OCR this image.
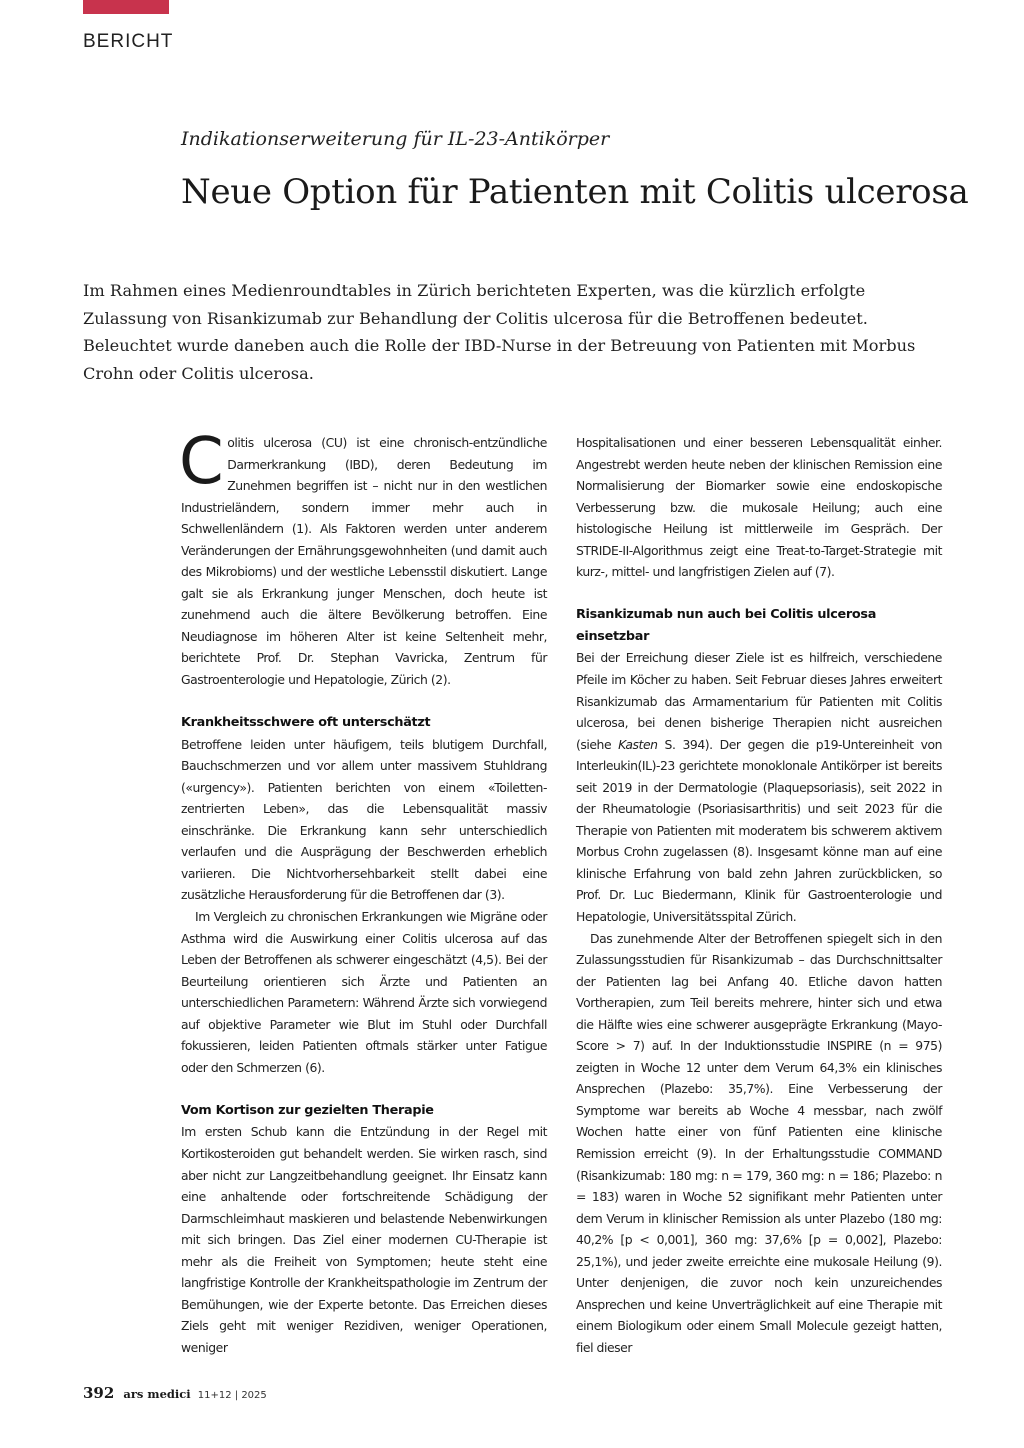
BERICHT
Indikationserweiterung für IL-23-Antikörper
Neue Option für Patienten mit Colitis ulcerosa

Im Rahmen eines Medienroundtables in Zürich berichteten Experten, was die kürzlich erfolgte Zulassung von Risankizumab zur Behandlung der Colitis ulcerosa für die Betroffenen bedeutet. Beleuchtet wurde daneben auch die Rolle der IBD-Nurse in der Betreuung von Patienten mit Morbus Crohn oder Colitis ulcerosa.

Colitis ulcerosa (CU) ist eine chronisch-entzündliche Darmerkrankung (IBD), deren Bedeutung im Zunehmen begriffen ist – nicht nur in den westlichen Industrieländern, sondern immer mehr auch in Schwellenländern (1). Als Faktoren werden unter anderem Veränderungen der Ernährungsgewohnheiten (und damit auch des Mikrobioms) und der westliche Lebensstil diskutiert. Lange galt sie als Erkrankung junger Menschen, doch heute ist zunehmend auch die ältere Bevölkerung betroffen. Eine Neudiagnose im höheren Alter ist keine Seltenheit mehr, berichtete Prof. Dr. Stephan Vavricka, Zentrum für Gastroenterologie und Hepatologie, Zürich (2).

Krankheitsschwere oft unterschätzt

Betroffene leiden unter häufigem, teils blutigem Durchfall, Bauchschmerzen und vor allem unter massivem Stuhldrang («urgency»). Patienten berichten von einem «Toiletten-zentrierten Leben», das die Lebensqualität massiv einschränke. Die Erkrankung kann sehr unterschiedlich verlaufen und die Ausprägung der Beschwerden erheblich variieren. Die Nichtvorhersehbarkeit stellt dabei eine zusätzliche Herausforderung für die Betroffenen dar (3).

Im Vergleich zu chronischen Erkrankungen wie Migräne oder Asthma wird die Auswirkung einer Colitis ulcerosa auf das Leben der Betroffenen als schwerer eingeschätzt (4,5). Bei der Beurteilung orientieren sich Ärzte und Patienten an unterschiedlichen Parametern: Während Ärzte sich vorwiegend auf objektive Parameter wie Blut im Stuhl oder Durchfall fokussieren, leiden Patienten oftmals stärker unter Fatigue oder den Schmerzen (6).

Vom Kortison zur gezielten Therapie

Im ersten Schub kann die Entzündung in der Regel mit Kortikosteroiden gut behandelt werden. Sie wirken rasch, sind aber nicht zur Langzeitbehandlung geeignet. Ihr Einsatz kann eine anhaltende oder fortschreitende Schädigung der Darmschleimhaut maskieren und belastende Nebenwirkungen mit sich bringen. Das Ziel einer modernen CU-Therapie ist mehr als die Freiheit von Symptomen; heute steht eine langfristige Kontrolle der Krankheitspathologie im Zentrum der Bemühungen, wie der Experte betonte. Das Erreichen dieses Ziels geht mit weniger Rezidiven, weniger Operationen, weniger

Hospitalisationen und einer besseren Lebensqualität einher. Angestrebt werden heute neben der klinischen Remission eine Normalisierung der Biomarker sowie eine endoskopische Verbesserung bzw. die mukosale Heilung; auch eine histologische Heilung ist mittlerweile im Gespräch. Der STRIDE-II-Algorithmus zeigt eine Treat-to-Target-Strategie mit kurz-, mittel- und langfristigen Zielen auf (7).

Risankizumab nun auch bei Colitis ulcerosa einsetzbar

Bei der Erreichung dieser Ziele ist es hilfreich, verschiedene Pfeile im Köcher zu haben. Seit Februar dieses Jahres erweitert Risankizumab das Armamentarium für Patienten mit Colitis ulcerosa, bei denen bisherige Therapien nicht ausreichen (siehe Kasten S. 394). Der gegen die p19-Untereinheit von Interleukin(IL)-23 gerichtete monoklonale Antikörper ist bereits seit 2019 in der Dermatologie (Plaquepsoriasis), seit 2022 in der Rheumatologie (Psoriasisarthritis) und seit 2023 für die Therapie von Patienten mit moderatem bis schwerem aktivem Morbus Crohn zugelassen (8). Insgesamt könne man auf eine klinische Erfahrung von bald zehn Jahren zurückblicken, so Prof. Dr. Luc Biedermann, Klinik für Gastroenterologie und Hepatologie, Universitätsspital Zürich.

Das zunehmende Alter der Betroffenen spiegelt sich in den Zulassungsstudien für Risankizumab – das Durchschnittsalter der Patienten lag bei Anfang 40. Etliche davon hatten Vortherapien, zum Teil bereits mehrere, hinter sich und etwa die Hälfte wies eine schwerer ausgeprägte Erkrankung (Mayo-Score > 7) auf. In der Induktionsstudie INSPIRE (n = 975) zeigten in Woche 12 unter dem Verum 64,3% ein klinisches Ansprechen (Plazebo: 35,7%). Eine Verbesserung der Symptome war bereits ab Woche 4 messbar, nach zwölf Wochen hatte einer von fünf Patienten eine klinische Remission erreicht (9). In der Erhaltungsstudie COMMAND (Risankizumab: 180 mg: n = 179, 360 mg: n = 186; Plazebo: n = 183) waren in Woche 52 signifikant mehr Patienten unter dem Verum in klinischer Remission als unter Plazebo (180 mg: 40,2% [p < 0,001], 360 mg: 37,6% [p = 0,002], Plazebo: 25,1%), und jeder zweite erreichte eine mukosale Heilung (9). Unter denjenigen, die zuvor noch kein unzureichendes Ansprechen und keine Unverträglichkeit auf eine Therapie mit einem Biologikum oder einem Small Molecule gezeigt hatten, fiel dieser

392 ars medici 11+12 | 2025
